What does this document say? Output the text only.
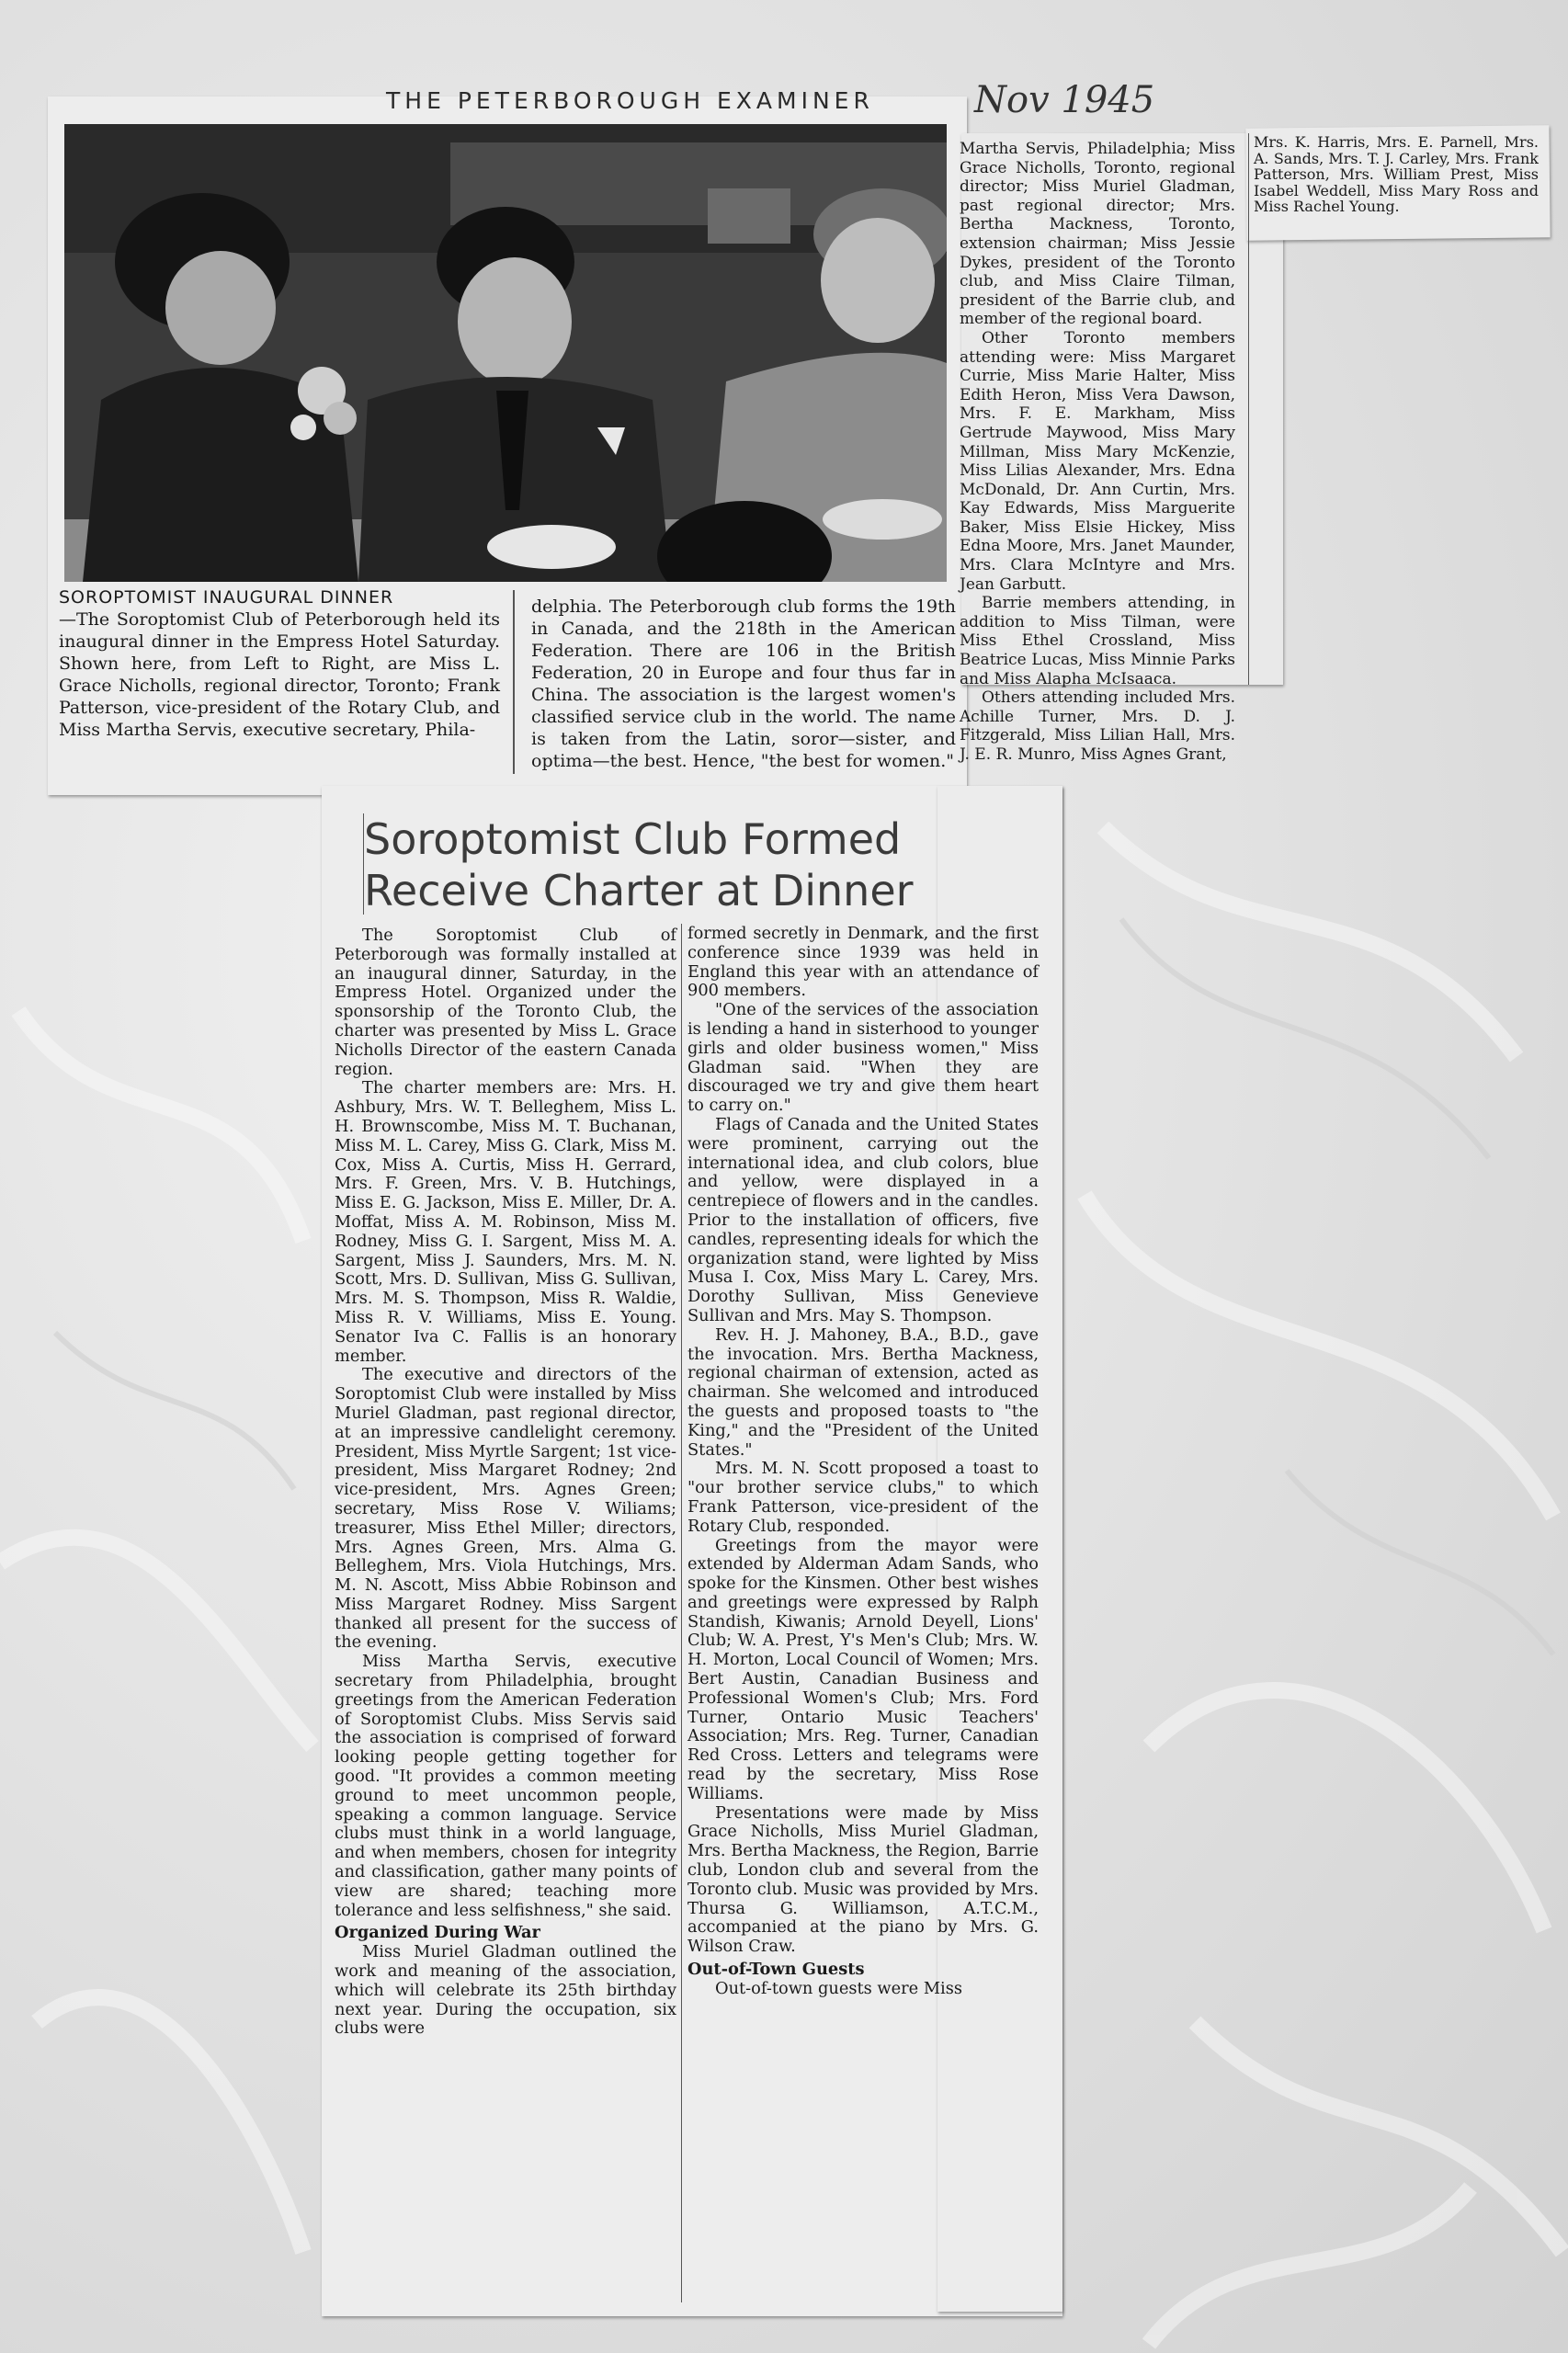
THE PETERBOROUGH EXAMINER	Nov 1945
SOROPTOMIST INAUGURAL DINNER
—The Soroptomist Club of Peterborough held its inaugural dinner in the Empress Hotel Saturday. Shown here, from Left to Right, are Miss L. Grace Nicholls, regional director, Toronto; Frank Patterson, vice-president of the Rotary Club, and Miss Martha Servis, executive secretary, Phila-
delphia. The Peterborough club forms the 19th in Canada, and the 218th in the American Federation. There are 106 in the British Federation, 20 in Europe and four thus far in China. The association is the largest women's classified service club in the world. The name is taken from the Latin, soror—sister, and optima—the best. Hence, "the best for women."
Martha Servis, Philadelphia; Miss Grace Nicholls, Toronto, regional director; Miss Muriel Gladman, past regional director; Mrs. Bertha Mackness, Toronto, extension chairman; Miss Jessie Dykes, president of the Toronto club, and Miss Claire Tilman, president of the Barrie club, and member of the regional board.
Other Toronto members attending were: Miss Margaret Currie, Miss Marie Halter, Miss Edith Heron, Miss Vera Dawson, Mrs. F. E. Markham, Miss Gertrude Maywood, Miss Mary Millman, Miss Mary McKenzie, Miss Lilias Alexander, Mrs. Edna McDonald, Dr. Ann Curtin, Mrs. Kay Edwards, Miss Marguerite Baker, Miss Elsie Hickey, Miss Edna Moore, Mrs. Janet Maunder, Mrs. Clara McIntyre and Mrs. Jean Garbutt.
Barrie members attending, in addition to Miss Tilman, were Miss Ethel Crossland, Miss Beatrice Lucas, Miss Minnie Parks and Miss Alapha McIsaaca.
Others attending included Mrs. Achille Turner, Mrs. D. J. Fitzgerald, Miss Lilian Hall, Mrs. J. E. R. Munro, Miss Agnes Grant,
Mrs. K. Harris, Mrs. E. Parnell, Mrs. A. Sands, Mrs. T. J. Carley, Mrs. Frank Patterson, Mrs. William Prest, Miss Isabel Weddell, Miss Mary Ross and Miss Rachel Young.
Soroptomist Club Formed
Receive Charter at Dinner

The Soroptomist Club of Peterborough was formally installed at an inaugural dinner, Saturday, in the Empress Hotel. Organized under the sponsorship of the Toronto Club, the charter was presented by Miss L. Grace Nicholls Director of the eastern Canada region.

The charter members are: Mrs. H. Ashbury, Mrs. W. T. Belleghem, Miss L. H. Brownscombe, Miss M. T. Buchanan, Miss M. L. Carey, Miss G. Clark, Miss M. Cox, Miss A. Curtis, Miss H. Gerrard, Mrs. F. Green, Mrs. V. B. Hutchings, Miss E. G. Jackson, Miss E. Miller, Dr. A. Moffat, Miss A. M. Robinson, Miss M. Rodney, Miss G. I. Sargent, Miss M. A. Sargent, Miss J. Saunders, Mrs. M. N. Scott, Mrs. D. Sullivan, Miss G. Sullivan, Mrs. M. S. Thompson, Miss R. Waldie, Miss R. V. Williams, Miss E. Young. Senator Iva C. Fallis is an honorary member.

The executive and directors of the Soroptomist Club were installed by Miss Muriel Gladman, past regional director, at an impressive candlelight ceremony. President, Miss Myrtle Sargent; 1st vice-president, Miss Margaret Rodney; 2nd vice-president, Mrs. Agnes Green; secretary, Miss Rose V. Wiliams; treasurer, Miss Ethel Miller; directors, Mrs. Agnes Green, Mrs. Alma G. Belleghem, Mrs. Viola Hutchings, Mrs. M. N. Ascott, Miss Abbie Robinson and Miss Margaret Rodney. Miss Sargent thanked all present for the success of the evening.

Miss Martha Servis, executive secretary from Philadelphia, brought greetings from the American Federation of Soroptomist Clubs. Miss Servis said the association is comprised of forward looking people getting together for good. "It provides a common meeting ground to meet uncommon people, speaking a common language. Service clubs must think in a world language, and when members, chosen for integrity and classification, gather many points of view are shared; teaching more tolerance and less selfishness," she said.

Organized During War

Miss Muriel Gladman outlined the work and meaning of the association, which will celebrate its 25th birthday next year. During the occupation, six clubs were

formed secretly in Denmark, and the first conference since 1939 was held in England this year with an attendance of 900 members.

"One of the services of the association is lending a hand in sisterhood to younger girls and older business women," Miss Gladman said. "When they are discouraged we try and give them heart to carry on."

Flags of Canada and the United States were prominent, carrying out the international idea, and club colors, blue and yellow, were displayed in a centrepiece of flowers and in the candles. Prior to the installation of officers, five candles, representing ideals for which the organization stand, were lighted by Miss Musa I. Cox, Miss Mary L. Carey, Mrs. Dorothy Sullivan, Miss Genevieve Sullivan and Mrs. May S. Thompson.

Rev. H. J. Mahoney, B.A., B.D., gave the invocation. Mrs. Bertha Mackness, regional chairman of extension, acted as chairman. She welcomed and introduced the guests and proposed toasts to "the King," and the "President of the United States."

Mrs. M. N. Scott proposed a toast to "our brother service clubs," to which Frank Patterson, vice-president of the Rotary Club, responded.

Greetings from the mayor were extended by Alderman Adam Sands, who spoke for the Kinsmen. Other best wishes and greetings were expressed by Ralph Standish, Kiwanis; Arnold Deyell, Lions' Club; W. A. Prest, Y's Men's Club; Mrs. W. H. Morton, Local Council of Women; Mrs. Bert Austin, Canadian Business and Professional Women's Club; Mrs. Ford Turner, Ontario Music Teachers' Association; Mrs. Reg. Turner, Canadian Red Cross. Letters and telegrams were read by the secretary, Miss Rose Williams.

Presentations were made by Miss Grace Nicholls, Miss Muriel Gladman, Mrs. Bertha Mackness, the Region, Barrie club, London club and several from the Toronto club. Music was provided by Mrs. Thursa G. Williamson, A.T.C.M., accompanied at the piano by Mrs. G. Wilson Craw.

Out-of-Town Guests

Out-of-town guests were Miss
